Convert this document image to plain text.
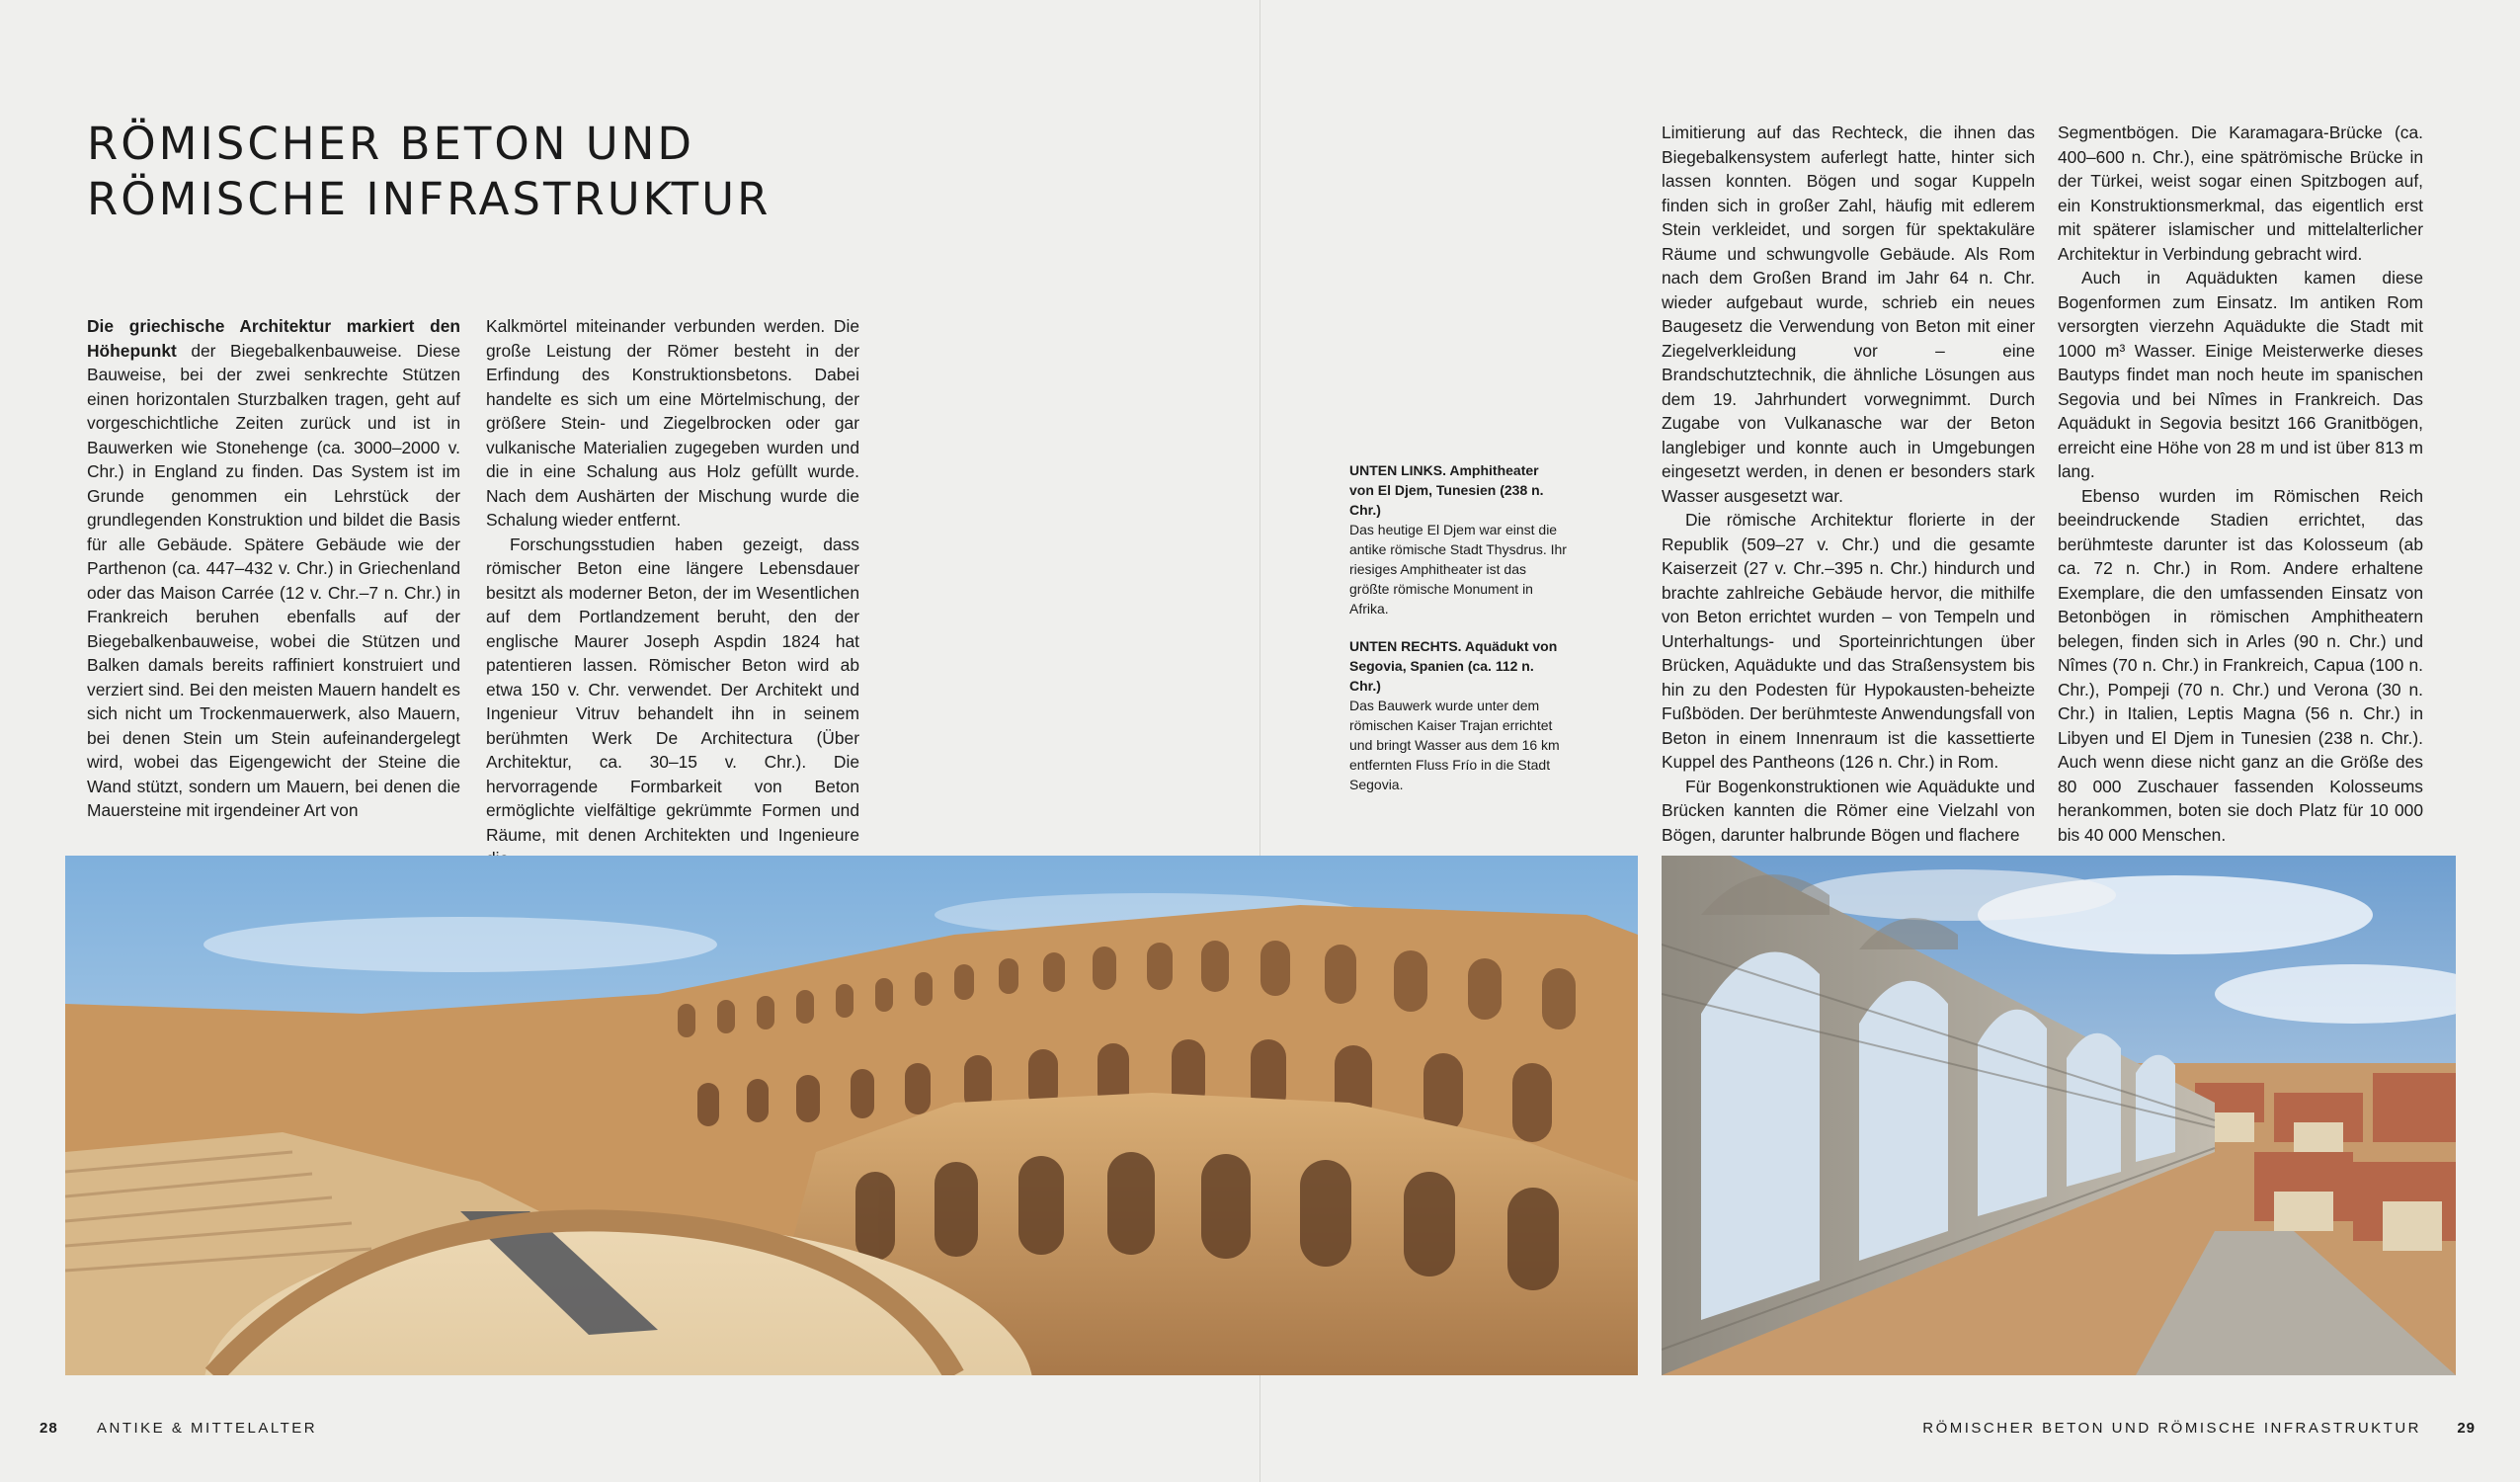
RÖMISCHER BETON UND
RÖMISCHE INFRASTRUKTUR

Die griechische Architektur markiert den Höhepunkt der Biegebalkenbauweise. Diese Bauweise, bei der zwei senkrechte Stützen einen horizontalen Sturzbalken tragen, geht auf vorgeschichtliche Zeiten zurück und ist in Bauwerken wie Stonehenge (ca. 3000–2000 v. Chr.) in England zu finden. Das System ist im Grunde genommen ein Lehrstück der grundlegenden Konstruktion und bildet die Basis für alle Gebäude. Spätere Gebäude wie der Parthenon (ca. 447–432 v. Chr.) in Griechenland oder das Maison Carrée (12 v. Chr.–7 n. Chr.) in Frankreich beruhen ebenfalls auf der Biegebalkenbauweise, wobei die Stützen und Balken damals bereits raffiniert konstruiert und verziert sind. Bei den meisten Mauern handelt es sich nicht um Trockenmauerwerk, also Mauern, bei denen Stein um Stein aufeinandergelegt wird, wobei das Eigengewicht der Steine die Wand stützt, sondern um Mauern, bei denen die Mauersteine mit irgendeiner Art von

Kalkmörtel miteinander verbunden werden. Die große Leistung der Römer besteht in der Erfindung des Konstruktionsbetons. Dabei handelte es sich um eine Mörtelmischung, der größere Stein- und Ziegelbrocken oder gar vulkanische Materialien zugegeben wurden und die in eine Schalung aus Holz gefüllt wurde. Nach dem Aushärten der Mischung wurde die Schalung wieder entfernt.

Forschungsstudien haben gezeigt, dass römischer Beton eine längere Lebensdauer besitzt als moderner Beton, der im Wesentlichen auf dem Portlandzement beruht, den der englische Maurer Joseph Aspdin 1824 hat patentieren lassen. Römischer Beton wird ab etwa 150 v. Chr. verwendet. Der Architekt und Ingenieur Vitruv behandelt ihn in seinem berühmten Werk De Architectura (Über Architektur, ca. 30–15 v. Chr.). Die hervorragende Formbarkeit von Beton ermöglichte vielfältige gekrümmte Formen und Räume, mit denen Architekten und Ingenieure

UNTEN LINKS. Amphitheater von El Djem, Tunesien (238 n. Chr.)
Das heutige El Djem war einst die antike römische Stadt Thysdrus. Ihr riesiges Amphitheater ist das größte römische Monument in Afrika.
UNTEN RECHTS. Aquädukt von Segovia, Spanien (ca. 112 n. Chr.)
Das Bauwerk wurde unter dem römischen Kaiser Trajan errichtet und bringt Wasser aus dem 16 km entfernten Fluss Frío in die Stadt Segovia.

Limitierung auf das Rechteck, die ihnen das Biegebalkensystem auferlegt hatte, hinter sich lassen konnten. Bögen und sogar Kuppeln finden sich in großer Zahl, häufig mit edlerem Stein verkleidet, und sorgen für spektakuläre Räume und schwungvolle Gebäude. Als Rom nach dem Großen Brand im Jahr 64 n. Chr. wieder aufgebaut wurde, schrieb ein neues Baugesetz die Verwendung von Beton mit einer Ziegelverkleidung vor – eine Brandschutztechnik, die ähnliche Lösungen aus dem 19. Jahrhundert vorwegnimmt. Durch Zugabe von Vulkanasche war der Beton langlebiger und konnte auch in Umgebungen eingesetzt werden, in denen er besonders stark Wasser ausgesetzt war.

Die römische Architektur florierte in der Republik (509–27 v. Chr.) und die gesamte Kaiserzeit (27 v. Chr.–395 n. Chr.) hindurch und brachte zahlreiche Gebäude hervor, die mithilfe von Beton errichtet wurden – von Tempeln und Unterhaltungs- und Sporteinrichtungen über Brücken, Aquädukte und das Straßensystem bis hin zu den Podesten für Hypokausten-beheizte Fußböden. Der berühmteste Anwendungsfall von Beton in einem Innenraum ist die kassettierte Kuppel des Pantheons (126 n. Chr.) in Rom.

Für Bogenkonstruktionen wie Aquädukte und Brücken kannten die Römer eine Vielzahl von Bögen, darunter halbrunde Bögen und flachere

Segmentbögen. Die Karamagara-Brücke (ca. 400–600 n. Chr.), eine spätrömische Brücke in der Türkei, weist sogar einen Spitzbogen auf, ein Konstruktionsmerkmal, das eigentlich erst mit späterer islamischer und mittelalterlicher Architektur in Verbindung gebracht wird.

Auch in Aquädukten kamen diese Bogenformen zum Einsatz. Im antiken Rom versorgten vierzehn Aquädukte die Stadt mit 1000 m³ Wasser. Einige Meisterwerke dieses Bautyps findet man noch heute im spanischen Segovia und bei Nîmes in Frankreich. Das Aquädukt in Segovia besitzt 166 Granitbögen, erreicht eine Höhe von 28 m und ist über 813 m lang.

Ebenso wurden im Römischen Reich beeindruckende Stadien errichtet, das berühmteste darunter ist das Kolosseum (ab ca. 72 n. Chr.) in Rom. Andere erhaltene Exemplare, die den umfassenden Einsatz von Betonbögen in römischen Amphitheatern belegen, finden sich in Arles (90 n. Chr.) und Nîmes (70 n. Chr.) in Frankreich, Capua (100 n. Chr.), Pompeji (70 n. Chr.) und Verona (30 n. Chr.) in Italien, Leptis Magna (56 n. Chr.) in Libyen und El Djem in Tunesien (238 n. Chr.). Auch wenn diese nicht ganz an die Größe des 80 000 Zuschauer fassenden Kolosseums herankommen, boten sie doch Platz für 10 000 bis 40 000 Menschen.

28	ANTIKE & MITTELALTER	RÖMISCHER BETON UND RÖMISCHE INFRASTRUKTUR 29
